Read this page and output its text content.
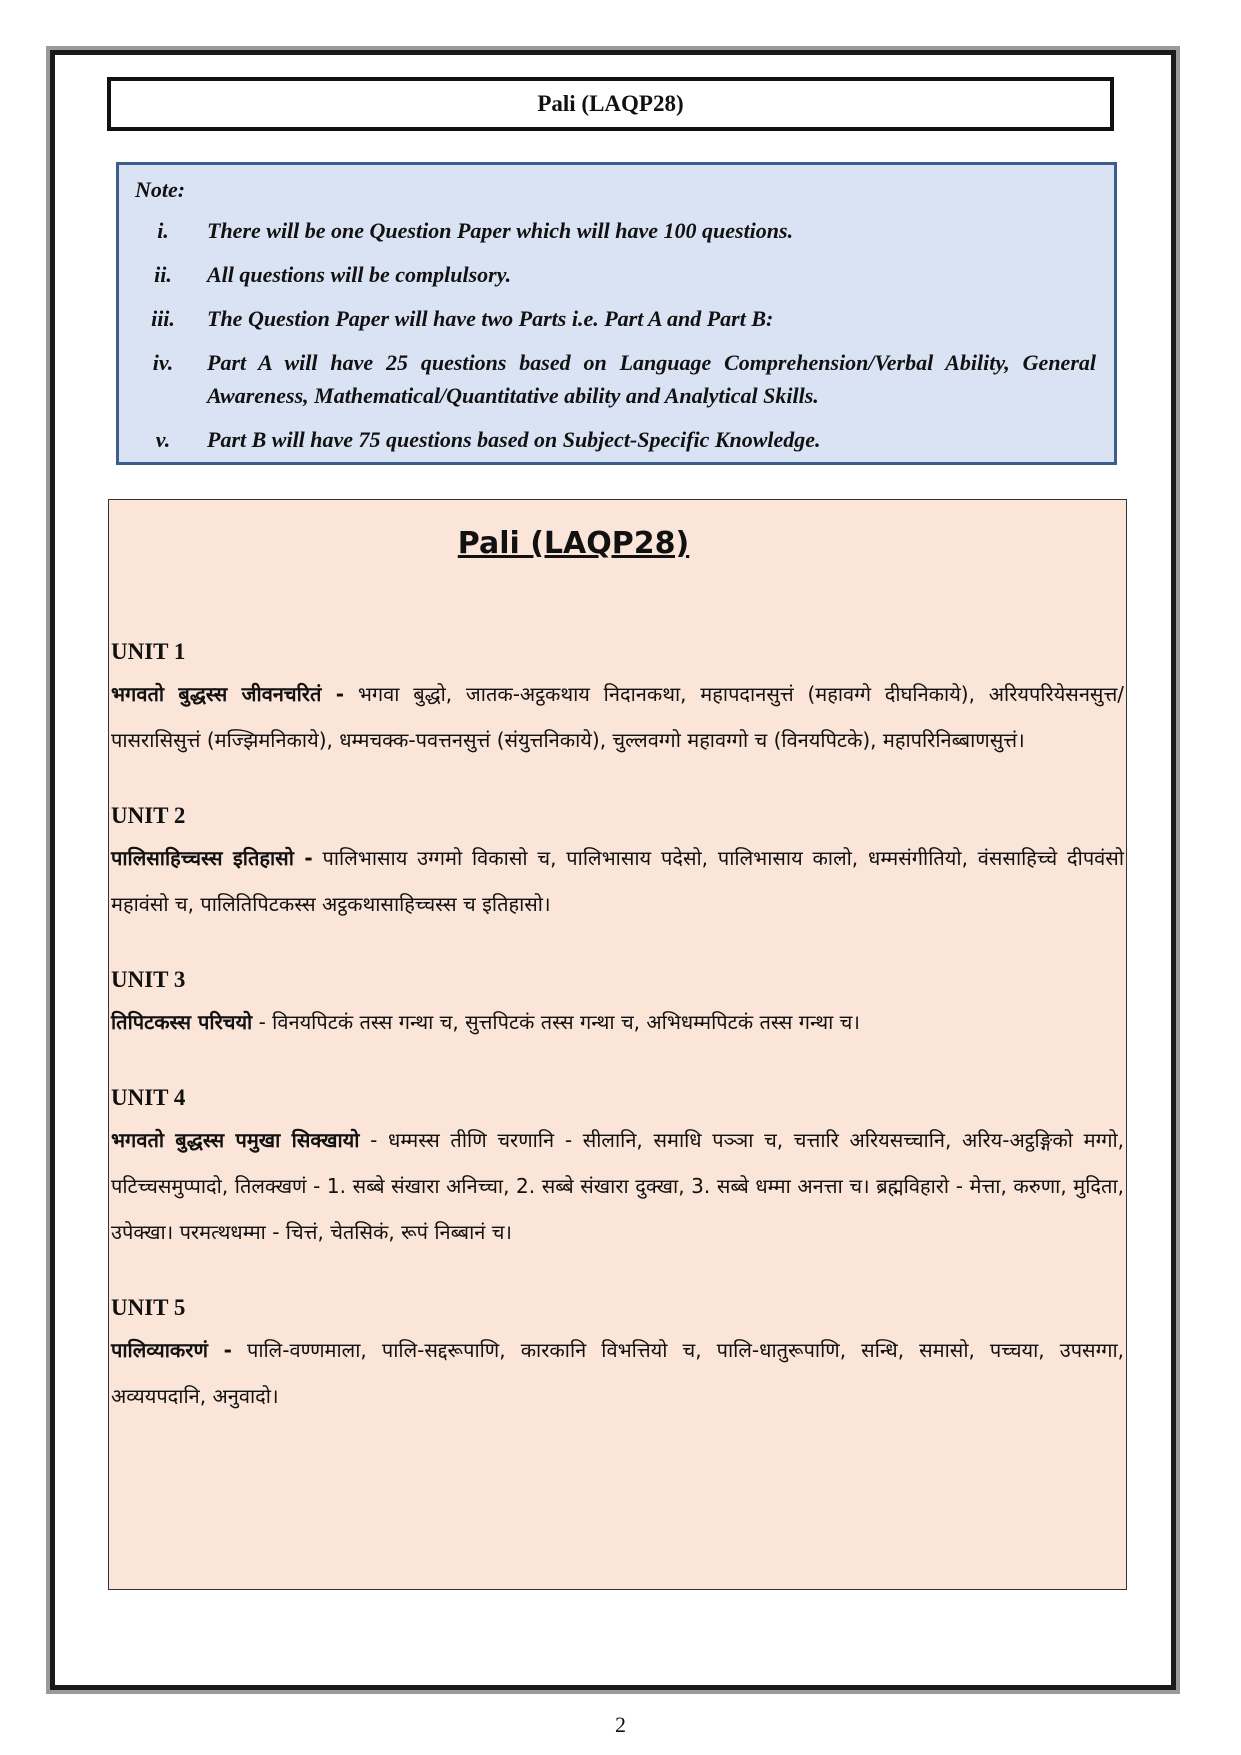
Pali (LAQP28)
Note:
i.	There will be one Question Paper which will have 100 questions.
ii.	All questions will be complulsory.
iii.	The Question Paper will have two Parts i.e. Part A and Part B:
iv.	Part A will have 25 questions based on Language Comprehension/Verbal Ability, General Awareness, Mathematical/Quantitative ability and Analytical Skills.
v.	Part B will have 75 questions based on Subject-Specific Knowledge.
Pali (LAQP28)
UNIT 1
भगवतो बुद्धस्स जीवनचरितं - भगवा बुद्धो, जातक-अट्ठकथाय निदानकथा, महापदानसुत्तं (महावग्गे दीघनिकाये), अरियपरियेसनसुत्त/पासरासिसुत्तं (मज्झिमनिकाये), धम्मचक्क-पवत्तनसुत्तं (संयुत्तनिकाये), चुल्लवग्गो महावग्गो च (विनयपिटके), महापरिनिब्बाणसुत्तं।
UNIT 2
पालिसाहिच्चस्स इतिहासो - पालिभासाय उग्गमो विकासो च, पालिभासाय पदेसो, पालिभासाय कालो, धम्मसंगीतियो, वंससाहिच्चे दीपवंसो महावंसो च, पालितिपिटकस्स अट्ठकथासाहिच्चस्स च इतिहासो।
UNIT 3
तिपिटकस्स परिचयो - विनयपिटकं तस्स गन्था च, सुत्तपिटकं तस्स गन्था च, अभिधम्मपिटकं तस्स गन्था च।
UNIT 4
भगवतो बुद्धस्स पमुखा सिक्खायो - धम्मस्स तीणि चरणानि - सीलानि, समाधि पञ्ञा च, चत्तारि अरियसच्चानि, अरिय-अट्ठङ्गिको मग्गो, पटिच्चसमुप्पादो, तिलक्खणं - 1. सब्बे संखारा अनिच्चा, 2. सब्बे संखारा दुक्खा, 3. सब्बे धम्मा अनत्ता च। ब्रह्मविहारो - मेत्ता, करुणा, मुदिता, उपेक्खा। परमत्थधम्मा - चित्तं, चेतसिकं, रूपं निब्बानं च।
UNIT 5
पालिव्याकरणं - पालि-वण्णमाला, पालि-सद्दरूपाणि, कारकानि विभत्तियो च, पालि-धातुरूपाणि, सन्धि, समासो, पच्चया, उपसग्गा, अव्ययपदानि, अनुवादो।
2
